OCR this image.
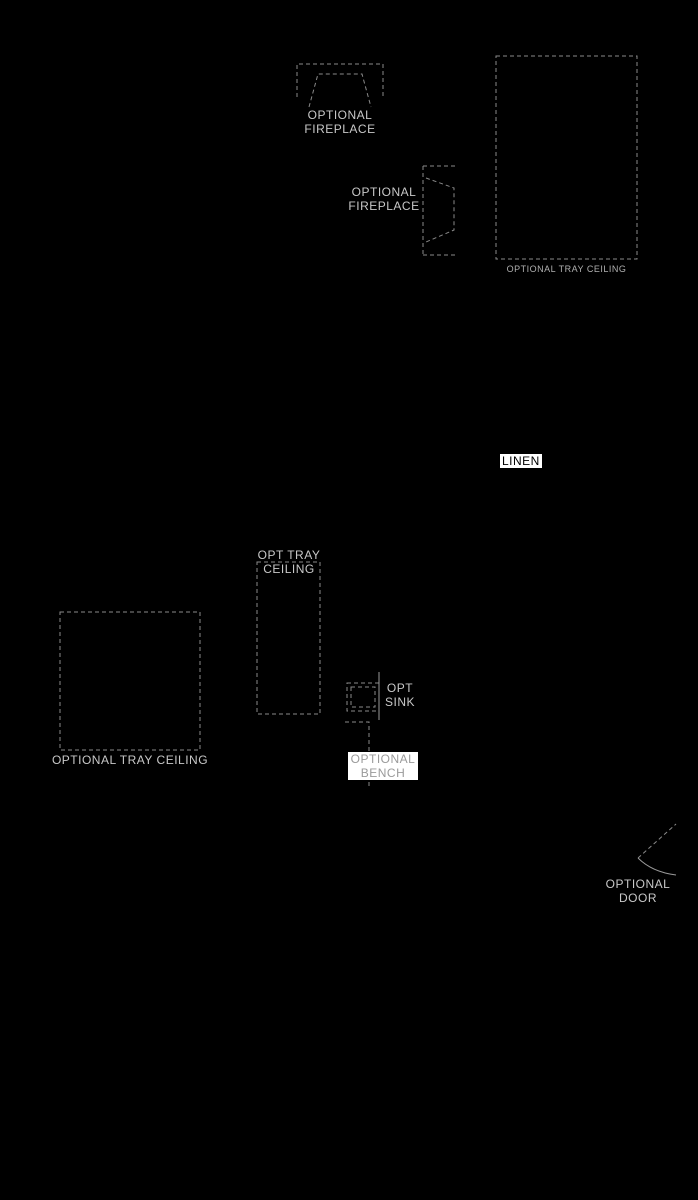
OPTIONAL
FIREPLACE
OPTIONAL
FIREPLACE
OPTIONAL TRAY CEILING
LINEN
OPT TRAY
CEILING
OPT
SINK
OPTIONAL TRAY CEILING	OPTIONAL
BENCH
OPTIONAL
DOOR
